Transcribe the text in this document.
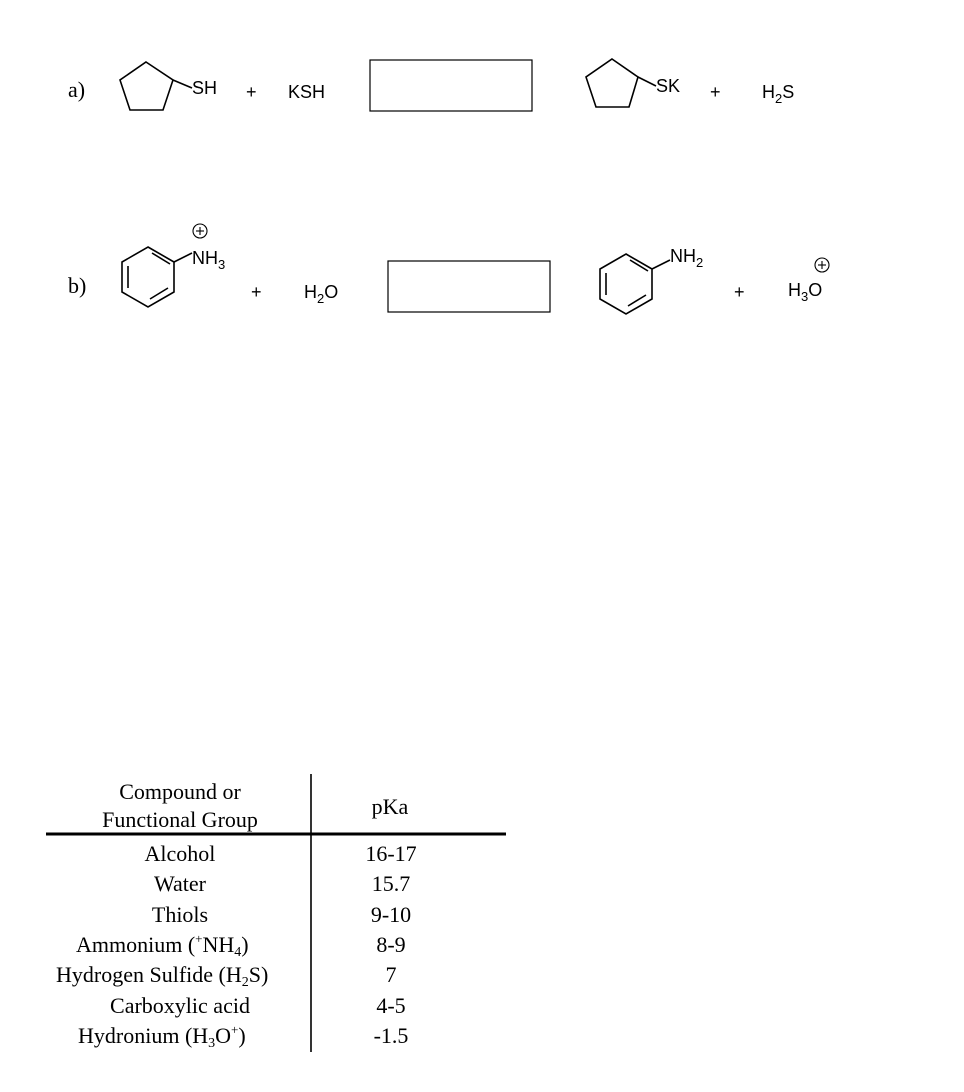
a)	SH + KSH	SK + $H_2S$
b)
$NH_3$
+ $H_2O$
$NH_2$
+ $H_3O$
Compound or
Functional Group
pKa
Alcohol	16-17
Water	15.7
Thiols	9-10
Ammonium (+NH4)	8-9
Hydrogen Sulfide (H2S)	7
Carboxylic acid	4-5
Hydronium (H3O+)	-1.5
